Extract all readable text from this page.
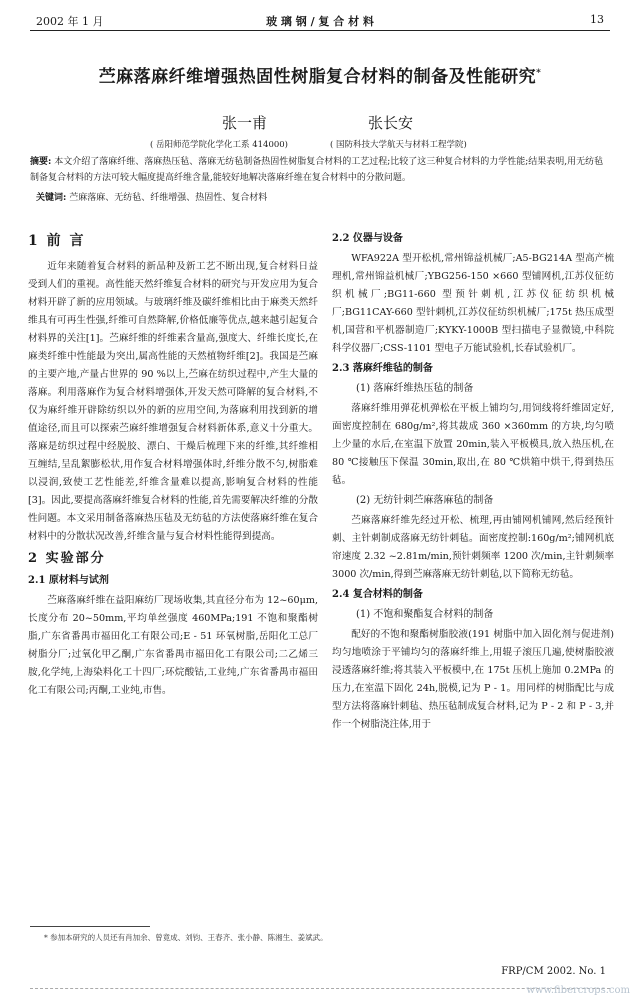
2002 年 1 月	玻 璃 钢 / 复 合 材 料	13
苎麻落麻纤维增强热固性树脂复合材料的制备及性能研究*
张一甫	张长安
( 岳阳师范学院化学化工系 414000)	( 国防科技大学航天与材料工程学院)
摘要: 本文介绍了落麻纤维、落麻热压毡、落麻无纺毡制备热固性树脂复合材料的工艺过程;比较了这三种复合材料的力学性能;结果表明,用无纺毡制备复合材料的方法可较大幅度提高纤维含量,能较好地解决落麻纤维在复合材料中的分散问题。
关键词: 苎麻落麻、无纺毡、纤维增强、热固性、复合材料
1 前 言

近年来随着复合材料的新品种及新工艺不断出现,复合材料日益受到人们的重视。高性能天然纤维复合材料的研究与开发应用为复合材料开辟了新的应用领域。与玻璃纤维及碳纤维相比由于麻类天然纤维具有可再生性强,纤维可自然降解,价格低廉等优点,越来越引起复合材料界的关注[1]。苎麻纤维的纤维素含量高,强度大、纤维长度长,在麻类纤维中性能最为突出,属高性能的天然植物纤维[2]。我国是苎麻的主要产地,产量占世界的 90 %以上,苎麻在纺织过程中,产生大量的落麻。利用落麻作为复合材料增强体,开发天然可降解的复合材料,不仅为麻纤维开辟除纺织以外的新的应用空间,为落麻利用找到新的增值途径,而且可以探索苎麻纤维增强复合材料新体系,意义十分重大。落麻是纺织过程中经脱胶、漂白、干燥后梳理下来的纤维,其纤维相互缠结,呈乱絮膨松状,用作复合材料增强体时,纤维分散不匀,树脂难以浸润,致使工艺性能差,纤维含量难以提高,影响复合材料的性能[3]。因此,要提高落麻纤维复合材料的性能,首先需要解决纤维的分散性问题。本文采用制备落麻热压毡及无纺毡的方法使落麻纤维在复合材料中的分散状况改善,纤维含量与复合材料性能得到提高。

2 实验部分
2.1 原材料与试剂

苎麻落麻纤维在益阳麻纺厂现场收集,其直径分布为 12~60μm,长度分布 20~50mm,平均单丝强度 460MPa;191 不饱和聚酯树脂,广东省番禺市福田化工有限公司;E - 51 环氧树脂,岳阳化工总厂树脂分厂;过氧化甲乙酮,广东省番禺市福田化工有限公司;二乙烯三胺,化学纯,上海染料化工十四厂;环烷酸钴,工业纯,广东省番禺市福田化工有限公司;丙酮,工业纯,市售。

2.2 仪器与设备

WFA922A 型开松机,常州锦益机械厂;A5-BG214A 型高产梳理机,常州锦益机械厂;YBG256-150 ×660 型铺网机,江苏仪征纺织机械厂;BG11-660 型预针刺机,江苏仪征纺织机械厂;BG11CAY-660 型针刺机,江苏仪征纺织机械厂;175t 热压成型机,国营和平机器制造厂;KYKY-1000B 型扫描电子显微镜,中科院科学仪器厂;CSS-1101 型电子万能试验机,长春试验机厂。

2.3 落麻纤维毡的制备
(1) 落麻纤维热压毡的制备

落麻纤维用弹花机弹松在平板上铺均匀,用饲线将纤维固定好,面密度控制在 680g/m²,将其裁成 360 ×360mm 的方块,均匀喷上少量的水后,在室温下放置 20min,装入平板模具,放入热压机,在 80 ℃接触压下保温 30min,取出,在 80 ℃烘箱中烘干,得到热压毡。

(2) 无纺针刺苎麻落麻毡的制备

苎麻落麻纤维先经过开松、梳理,再由铺网机铺网,然后经预针刺、主针刺制成落麻无纺针刺毡。面密度控制:160g/m²;铺网机底帘速度 2.32 ~2.81m/min,预针刺频率 1200 次/min,主针刺频率 3000 次/min,得到苎麻落麻无纺针刺毡,以下简称无纺毡。

2.4 复合材料的制备
(1) 不饱和聚酯复合材料的制备

配好的不饱和聚酯树脂胶液(191 树脂中加入固化剂与促进剂)均匀地喷涂于平铺均匀的落麻纤维上,用辊子滚压几遍,使树脂胶液浸透落麻纤维;将其装入平板模中,在 175t 压机上施加 0.2MPa 的压力,在室温下固化 24h,脱模,记为 P - 1。用同样的树脂配比与成型方法将落麻针刺毡、热压毡制成复合材料,记为 P - 2 和 P - 3,并作一个树脂浇注体,用于

* 参加本研究的人员还有肖加余、曾竟成、刘钧、王春齐、张小静、陈湘生、姜斌武。
FRP/CM 2002. No. 1
www.fibercrops.com
